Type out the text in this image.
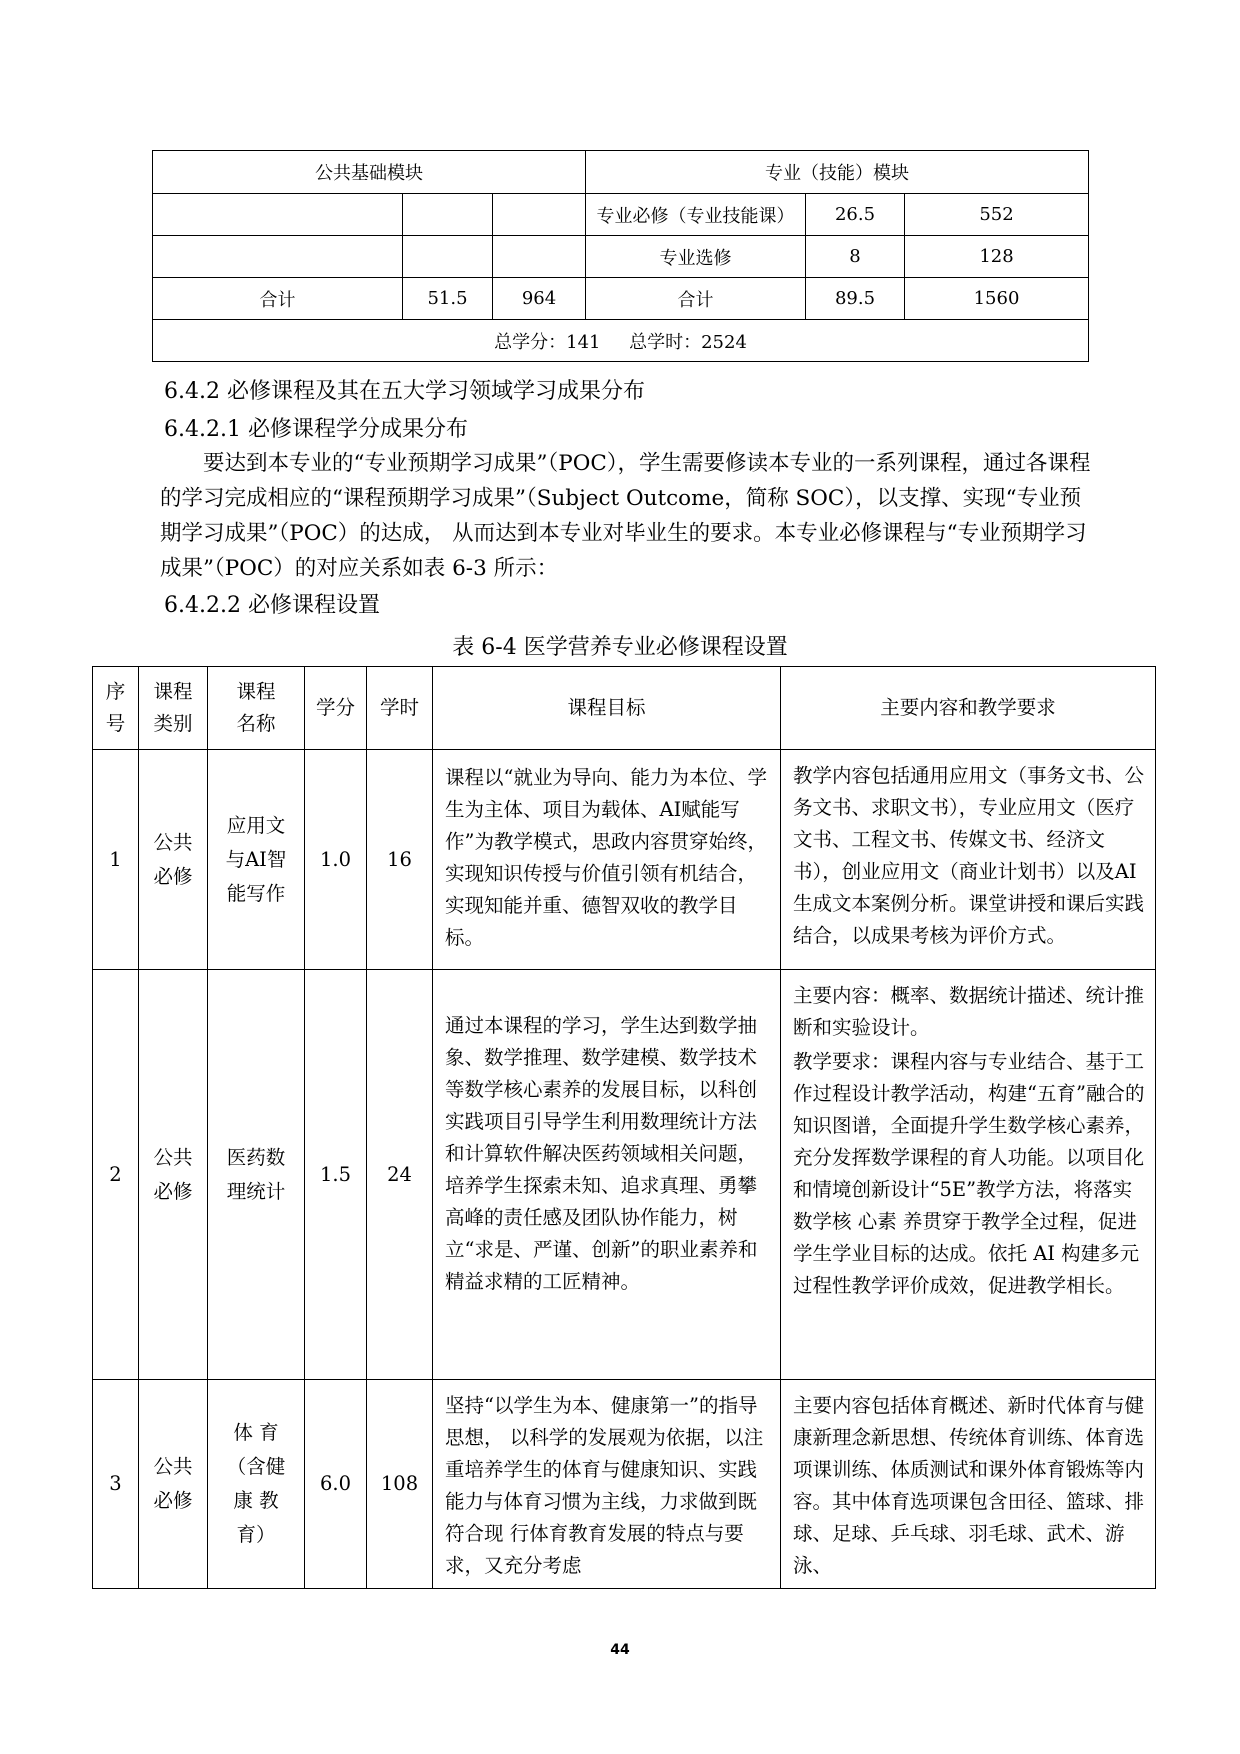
公共基础模块			专业（技能）模块		
			专业必修（专业技能课）	26.5	552
			专业选修	8	128
合计	51.5	964	合计	89.5	1560
总学分：141     总学时：2524					
6.4.2 必修课程及其在五大学习领域学习成果分布
6.4.2.1 必修课程学分成果分布
要达到本专业的“专业预期学习成果”（POC），学生需要修读本专业的一系列课程，通过各课程的学习完成相应的“课程预期学习成果”（Subject Outcome，简称 SOC），以支撑、实现“专业预期学习成果”（POC）的达成， 从而达到本专业对毕业生的要求。本专业必修课程与“专业预期学习成果”（POC）的对应关系如表 6-3 所示：
6.4.2.2 必修课程设置
表 6-4 医学营养专业必修课程设置
序号	课程类别	课程名称	学分	学时	课程目标	主要内容和教学要求
1	公共必修	应用文与AI智能写作	1.0	16	课程以“就业为导向、能力为本位、学生为主体、项目为载体、AI赋能写作”为教学模式，思政内容贯穿始终，实现知识传授与价值引领有机结合，实现知能并重、德智双收的教学目标。	教学内容包括通用应用文（事务文书、公务文书、求职文书），专业应用文（医疗文书、工程文书、传媒文书、经济文书），创业应用文（商业计划书）以及AI生成文本案例分析。课堂讲授和课后实践结合，以成果考核为评价方式。
2	公共必修	医药数理统计	1.5	24	通过本课程的学习，学生达到数学抽象、数学推理、数学建模、数学技术等数学核心素养的发展目标，以科创实践项目引导学生利用数理统计方法和计算软件解决医药领域相关问题， 培养学生探索未知、追求真理、勇攀高峰的责任感及团队协作能力，树立“求是、严谨、创新”的职业素养和精益求精的工匠精神。	主要内容：概率、数据统计描述、统计推断和实验设计。
教学要求：课程内容与专业结合、基于工作过程设计教学活动，构建“五育”融合的知识图谱，全面提升学生数学核心素养，充分发挥数学课程的育人功能。以项目化和情境创新设计“5E”教学方法，将落实数学核 心素 养贯穿于教学全过程，促进学生学业目标的达成。依托 AI 构建多元过程性教学评价成效，促进教学相长。

3	公共必修	体 育（含健康 教育）	6.0	108	坚持“以学生为本、健康第一”的指导思想， 以科学的发展观为依据，以注重培养学生的体育与健康知识、实践能力与体育习惯为主线，力求做到既符合现 行体育教育发展的特点与要求，又充分考虑	主要内容包括体育概述、新时代体育与健康新理念新思想、传统体育训练、体育选项课训练、体质测试和课外体育锻炼等内容。其中体育选项课包含田径、篮球、排球、足球、乒乓球、羽毛球、武术、游泳、
44
